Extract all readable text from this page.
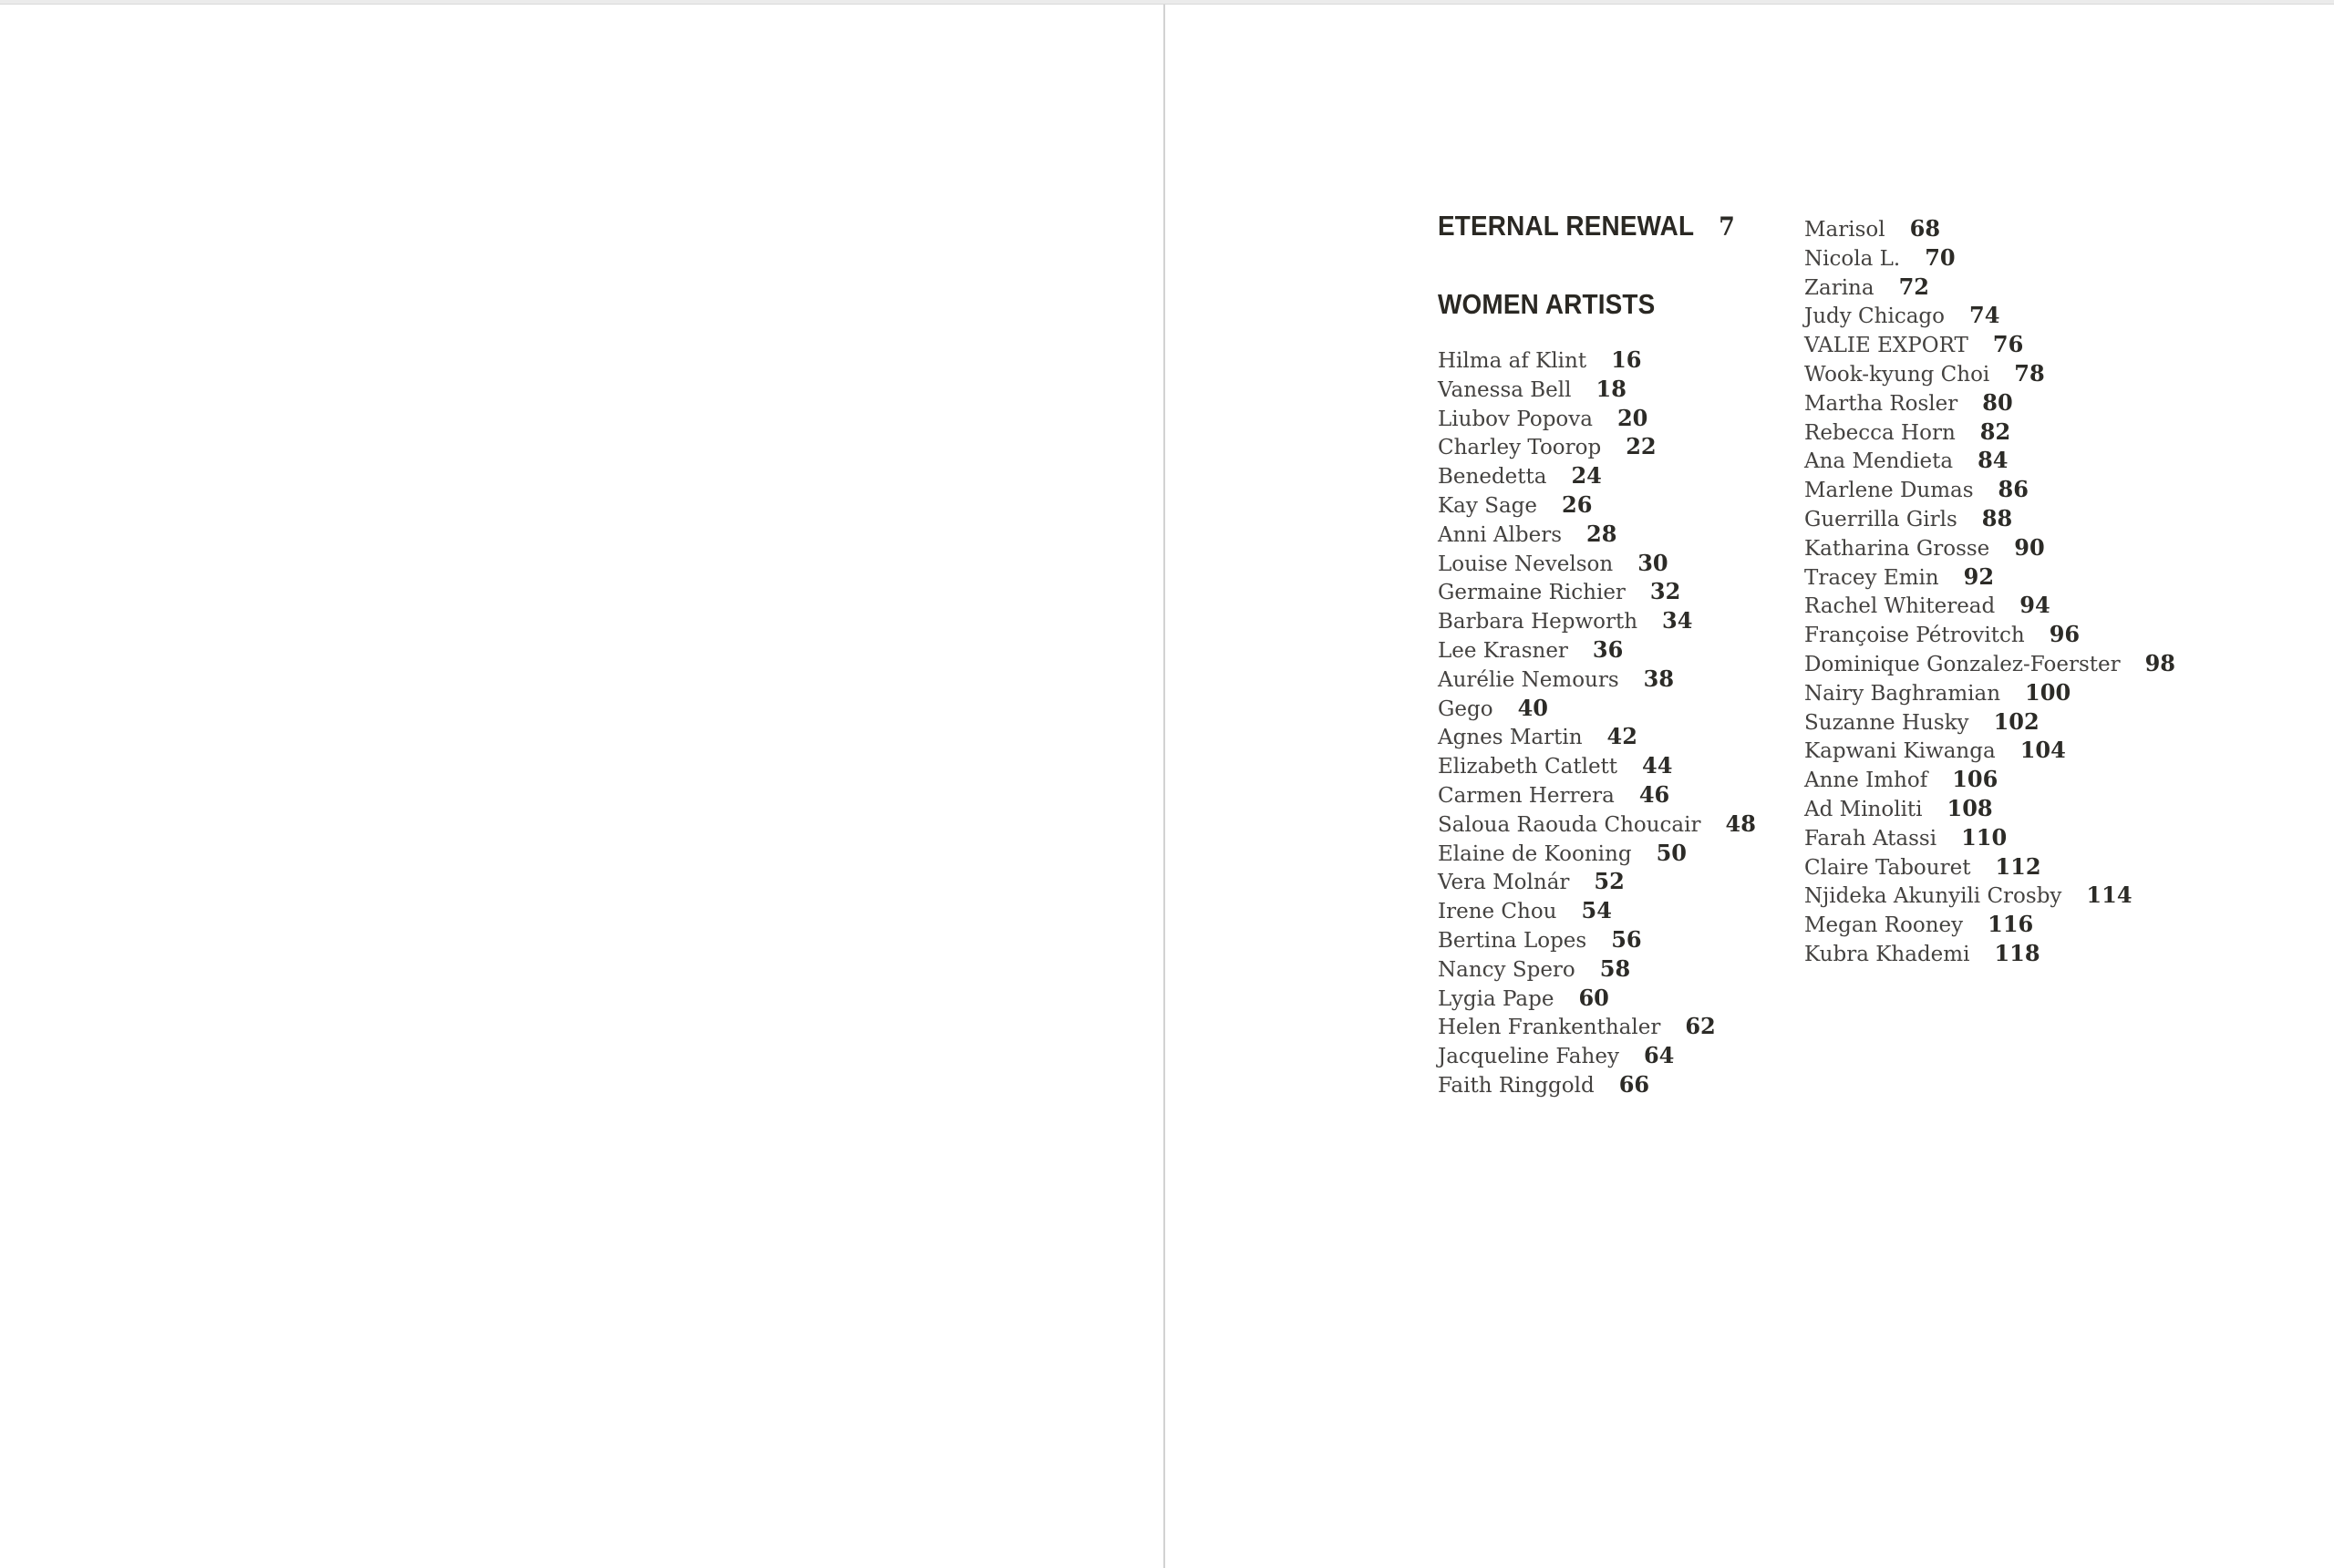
ETERNAL RENEWAL 7
WOMEN ARTISTS
Hilma af Klint 16
Vanessa Bell 18
Liubov Popova 20
Charley Toorop 22
Benedetta 24
Kay Sage 26
Anni Albers 28
Louise Nevelson 30
Germaine Richier 32
Barbara Hepworth 34
Lee Krasner 36
Aurélie Nemours 38
Gego 40
Agnes Martin 42
Elizabeth Catlett 44
Carmen Herrera 46
Saloua Raouda Choucair 48
Elaine de Kooning 50
Vera Molnár 52
Irene Chou 54
Bertina Lopes 56
Nancy Spero 58
Lygia Pape 60
Helen Frankenthaler 62
Jacqueline Fahey 64
Faith Ringgold 66
Marisol 68
Nicola L. 70
Zarina 72
Judy Chicago 74
VALIE EXPORT 76
Wook-kyung Choi 78
Martha Rosler 80
Rebecca Horn 82
Ana Mendieta 84
Marlene Dumas 86
Guerrilla Girls 88
Katharina Grosse 90
Tracey Emin 92
Rachel Whiteread 94
Françoise Pétrovitch 96
Dominique Gonzalez-Foerster 98
Nairy Baghramian 100
Suzanne Husky 102
Kapwani Kiwanga 104
Anne Imhof 106
Ad Minoliti 108
Farah Atassi 110
Claire Tabouret 112
Njideka Akunyili Crosby 114
Megan Rooney 116
Kubra Khademi 118
